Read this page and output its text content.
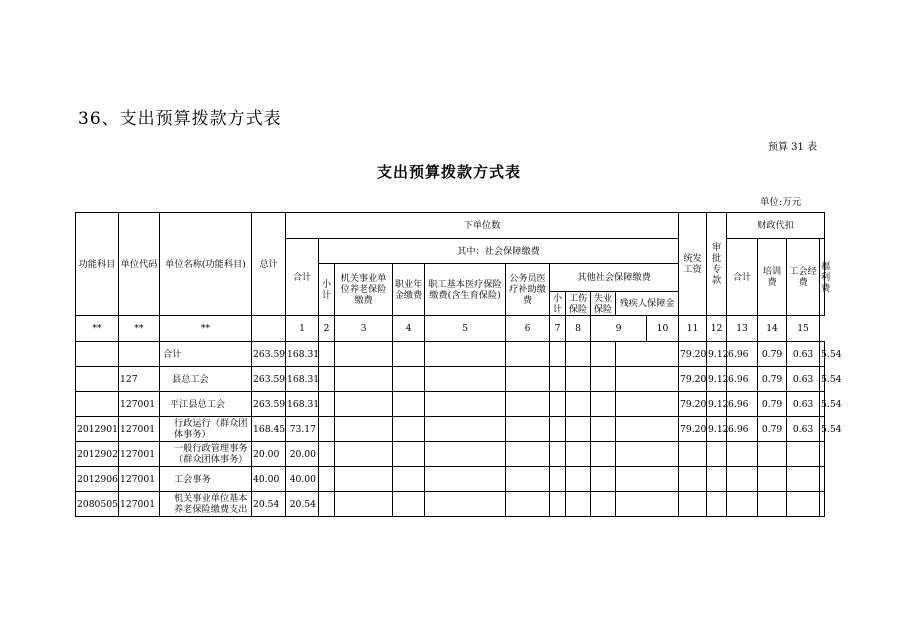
36、支出预算拨款方式表
预算 31 表
支出预算拨款方式表
单位:万元
功能科目	单位代码	单位名称(功能科目)	总计	下单位数											统发工资	审批专款	财政代扣			
				合计	其中：社会保障缴费												合计	培训费	工会经费	福利费
					小计	机关事业单位养老保险缴费	职业年金缴费	职工基本医疗保险缴费(含生育保险)	公务员医疗补助缴费	其他社会保障缴费										
										小计	工伤保险	失业保险	残疾人保障金							
**	**	**		1	2	3	4	5	6	7	8	9		10	11	12	13	14	15	
		合计	263.59	168.31											79.20	9.12	6.96	0.79	0.63	5.54
	127	县总工会	263.59	168.31											79.20	9.12	6.96	0.79	0.63	5.54
	127001	平江县总工会	263.59	168.31											79.20	9.12	6.96	0.79	0.63	5.54
2012901	127001	行政运行（群众团体事务）	168.45	73.17											79.20	9.12	6.96	0.79	0.63	5.54
2012902	127001	一般行政管理事务（群众团体事务）	20.00	20.00																
2012906	127001	工会事务	40.00	40.00																
2080505	127001	机关事业单位基本养老保险缴费支出	20.54	20.54																
